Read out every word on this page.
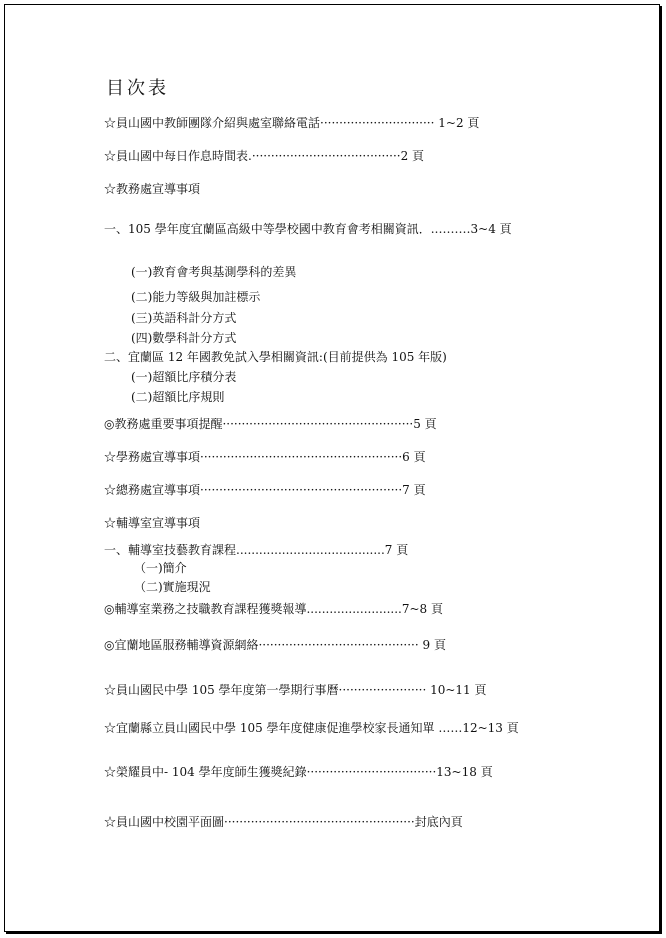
目次表
☆員山國中教師團隊介紹與處室聯絡電話······························ 1~2 頁
☆員山國中每日作息時間表.·······································2 頁
☆教務處宣導事項
一、105 學年度宜蘭區高級中等學校國中教育會考相關資訊．.………3~4 頁
(一)教育會考與基測學科的差異
(二)能力等級與加註標示
(三)英語科計分方式
(四)數學科計分方式
二、宜蘭區 12 年國教免試入學相關資訊:(目前提供為 105 年版)
(一)超額比序積分表
(二)超額比序規則
◎教務處重要事項提醒··················································5 頁
☆學務處宣導事項·····················································6 頁
☆總務處宣導事項·····················································7 頁
☆輔導室宣導事項
一、輔導室技藝教育課程.......................................7 頁
（一)簡介
（二)實施現況
◎輔導室業務之技職教育課程獲獎報導.........................7~8 頁
◎宜蘭地區服務輔導資源網絡·········································· 9 頁
☆員山國民中學 105 學年度第一學期行事曆······················· 10~11 頁
☆宜蘭縣立員山國民中學 105 學年度健康促進學校家長通知單 ……12~13 頁
☆榮耀員中- 104 學年度師生獲獎紀錄··································13~18 頁
☆員山國中校園平面圖··················································封底內頁
